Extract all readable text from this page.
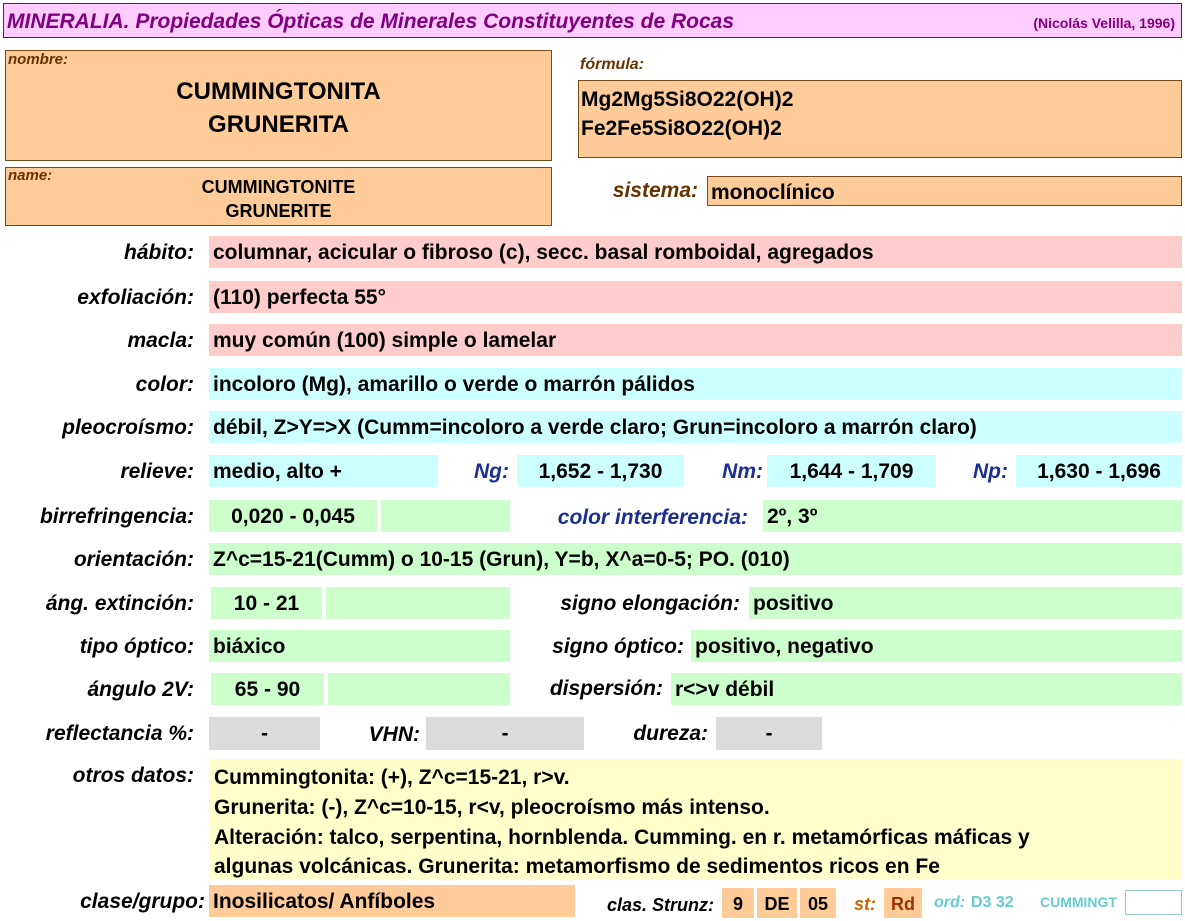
MINERALIA. Propiedades Ópticas de Minerales Constituyentes de Rocas	(Nicolás Velilla, 1996)
nombre:
CUMMINGTONITA
GRUNERITA
name:
CUMMINGTONITE
GRUNERITE
fórmula:
Mg2Mg5Si8O22(OH)2
Fe2Fe5Si8O22(OH)2
sistema: monoclínico
hábito: columnar, acicular o fibroso (c), secc. basal romboidal, agregados
exfoliación: (110) perfecta 55°
macla: muy común (100) simple o lamelar
color: incoloro (Mg), amarillo o verde o marrón pálidos
pleocroísmo: débil, Z>Y=>X (Cumm=incoloro a verde claro; Grun=incoloro a marrón claro)
relieve: medio, alto +	Ng:	1,652 - 1,730	Nm:	1,644 - 1,709	Np:	1,630 - 1,696
birrefringencia:	0,020 - 0,045	color interferencia: 2º, 3º
orientación: Z^c=15-21(Cumm) o 10-15 (Grun), Y=b, X^a=0-5; PO. (010)
áng. extinción:	10 - 21	signo elongación: positivo
tipo óptico: biáxico	signo óptico: positivo, negativo
ángulo 2V:	65 - 90	dispersión: r<>v débil
reflectancia %:	-	VHN:	-	dureza:	-
otros datos: Cummingtonita: (+), Z^c=15-21, r>v.
Grunerita: (-), Z^c=10-15, r<v, pleocroísmo más intenso.
Alteración: talco, serpentina, hornblenda. Cumming. en r. metamórficas máficas y
algunas volcánicas. Grunerita: metamorfismo de sedimentos ricos en Fe
clase/grupo: Inosilicatos/ Anfíboles	clas. Strunz:	9	DE	05	st: Rd	ord: D3 32 CUMMINGT
